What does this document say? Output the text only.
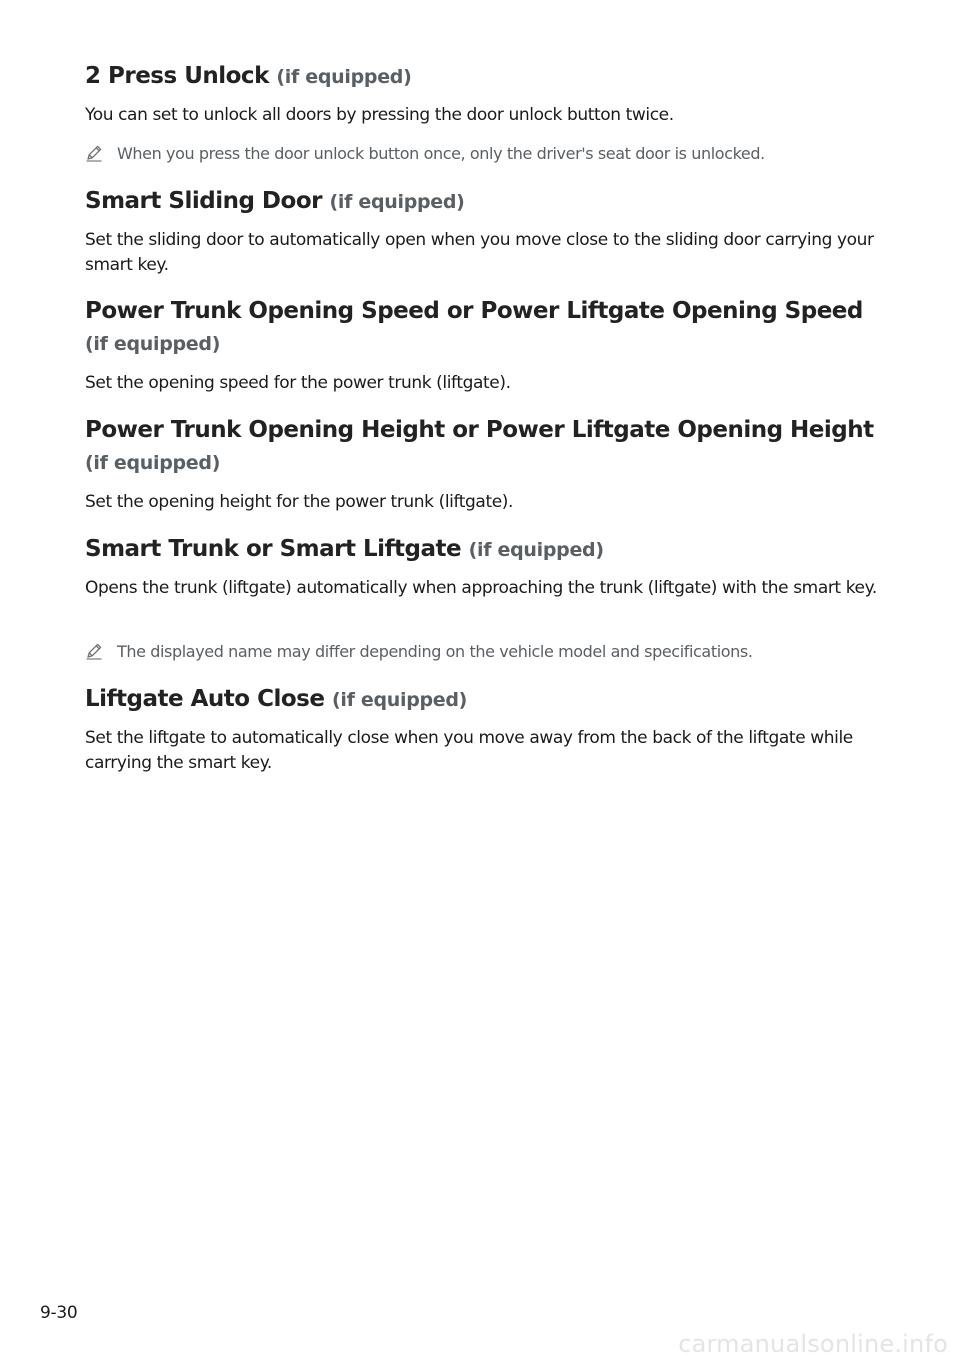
2 Press Unlock (if equipped)

You can set to unlock all doors by pressing the door unlock button twice.

When you press the door unlock button once, only the driver's seat door is unlocked.

Smart Sliding Door (if equipped)

Set the sliding door to automatically open when you move close to the sliding door carrying your smart key.

Power Trunk Opening Speed or Power Liftgate Opening Speed

(if equipped)

Set the opening speed for the power trunk (liftgate).

Power Trunk Opening Height or Power Liftgate Opening Height

(if equipped)

Set the opening height for the power trunk (liftgate).

Smart Trunk or Smart Liftgate (if equipped)

Opens the trunk (liftgate) automatically when approaching the trunk (liftgate) with the smart key.

The displayed name may differ depending on the vehicle model and specifications.

Liftgate Auto Close (if equipped)

Set the liftgate to automatically close when you move away from the back of the liftgate while carrying the smart key.

9-30

carmanualsonline.info
